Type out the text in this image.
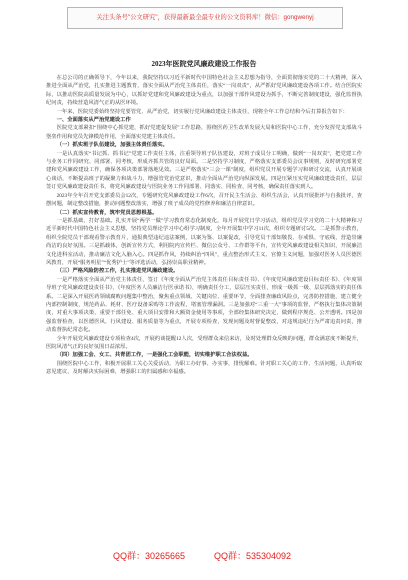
关注头条号"公文研究"，获得最新最全最专业的公文资料库！微信：gongwenyj
2023年医院党风廉政建设工作报告

在总公司的正确领导下，今年以来，我院坚持以习近平新时代中国特色社会主义思想为指导，全面贯彻落实党的二十大精神，深入推进全面从严治党，扎实推进主题教育，落实全面从严治党主体责任，落实“一岗双责”，从严抓好党风廉政建设各项工作。结合医院实际，以推动医院高质量发展为中心，以抓好党建和党风廉政建设为重点，以加强干部作风建设为抓手，不断完善制度建设，强化监督执纪问责，持续营造风清气正的从医环境。

一年来，医院党委始终坚持党要管党、从严治党，切实履行党风廉政建设主体责任，现将全年工作总结和今后打算报告如下：

一、全面落实从严治党建设工作

医院党支部紧扣“围绕中心抓党建，抓好党建促发展”工作思路，围绕医药卫生改革发展大局和医院中心工作，充分发挥党支部战斗堡垒作用和党员先锋模范作用，全面落实党建主体责任。

（一）抓实班子队伍建设，加强主体责任落实。

一是认真落实“书记抓、抓书记”党建工作责任主体，注重领导班子队伍建设，对班子成员分工明确，做到“一岗双责”，把党建工作与业务工作同研究、同部署、同考核，形成齐抓共管的良好局面。二是坚持学习制度，严格落实支部委员会议事规则，及时研究部署党建和党风廉政建设工作，确保各项决策部署落地见效。三是严格落实“三会一课”制度，组织党员开展专题学习和研讨交流，认真开展谈心谈话，不断提高班子的凝聚力和战斗力，增强管党治党意识，推动全面从严治党向纵深发展。四是压紧压实党风廉政建设责任，层层签订党风廉政建设责任书，将党风廉政建设与医院业务工作同部署、同落实、同检查、同考核，确保责任落实到人。

2023年全年召开党支部委员会12次，专题研究党风廉政建设工作6次，召开民主生活会、组织生活会，认真开展批评与自我批评，查摆问题，制定整改措施，推动问题整改落实，增强了班子成员的党性修养和廉洁自律意识。

（二）抓实宣传教育，筑牢党员思想根基。

一是抓基础，打好基础。扎实开展“两学一做”学习教育常态化制度化，每月开展党日学习活动，组织党员学习党的二十大精神和习近平新时代中国特色社会主义思想，坚持党员理论学习中心组学习制度，全年开展集中学习11次，组织专题研讨5次。二是抓警示教育，组织全院党员干部观看警示教育片，通报典型违纪违法案例，以案为鉴、以案促改，引导党员干部知敬畏、存戒惧、守底线，营造崇廉尚洁的良好氛围。三是抓载体，创新宣传方式，利用院内宣传栏、微信公众号、工作群等平台，宣传党风廉政建设相关知识，开展廉洁文化进科室活动，推动廉洁文化入脑入心。四是抓作风，持续纠治“四风”，重点整治形式主义、官僚主义问题，加强对医务人员医德医风教育，开展“服务明星”“优秀护士”等评选活动，弘扬崇高职业精神。

（三）严格风险防控工作，扎实推进党风廉政建设。

一是严格落实全面从严治党主体责任，签订《年度全面从严治党主体责任目标责任书》、《年度党风廉政建设目标责任书》、《年度领导班子党风廉政建设责任书》、《年度医务人员廉洁行医承诺书》，明确责任分工，层层压实责任，形成一级抓一级、层层抓落实的责任体系。二是深入开展医药领域腐败问题集中整治，聚焦重点领域、关键岗位、重要环节，全面排查廉政风险点，完善防控措施，建立健全内部控制制度，规范药品、耗材、医疗设备采购等工作流程，堵塞管理漏洞。三是加强对“三重一大”事项的监督，严格执行集体决策制度，对重大事项决策、重要干部任免、重大项目安排和大额资金使用等事项，全部经集体研究决定，做到程序规范、公开透明。四是加强监督检查，以医德医风、行风建设、服务质量等为重点，开展专项检查，发现问题及时督促整改，对违规违纪行为严肃追责问责，推动监督执纪常态化。

全年开展党风廉政建设专项检查4次，开展约谈提醒12人次，受理群众来信来访，及时处理群众反映的问题，群众满意度不断提升，医院风清气正的良好氛围日益浓厚。

（四）加强工会、女工、共青团工作，一是强化工会职能，切实维护职工合法权益。

围绕医院中心工作，积极开展职工关心关爱活动，为职工办好事、办实事，排忧解难。针对职工关心的工作、生活问题，认真听取意见建议，及时解决实际困难，增强职工的归属感和幸福感。

QQ群：30265665	QQ群：535304092
